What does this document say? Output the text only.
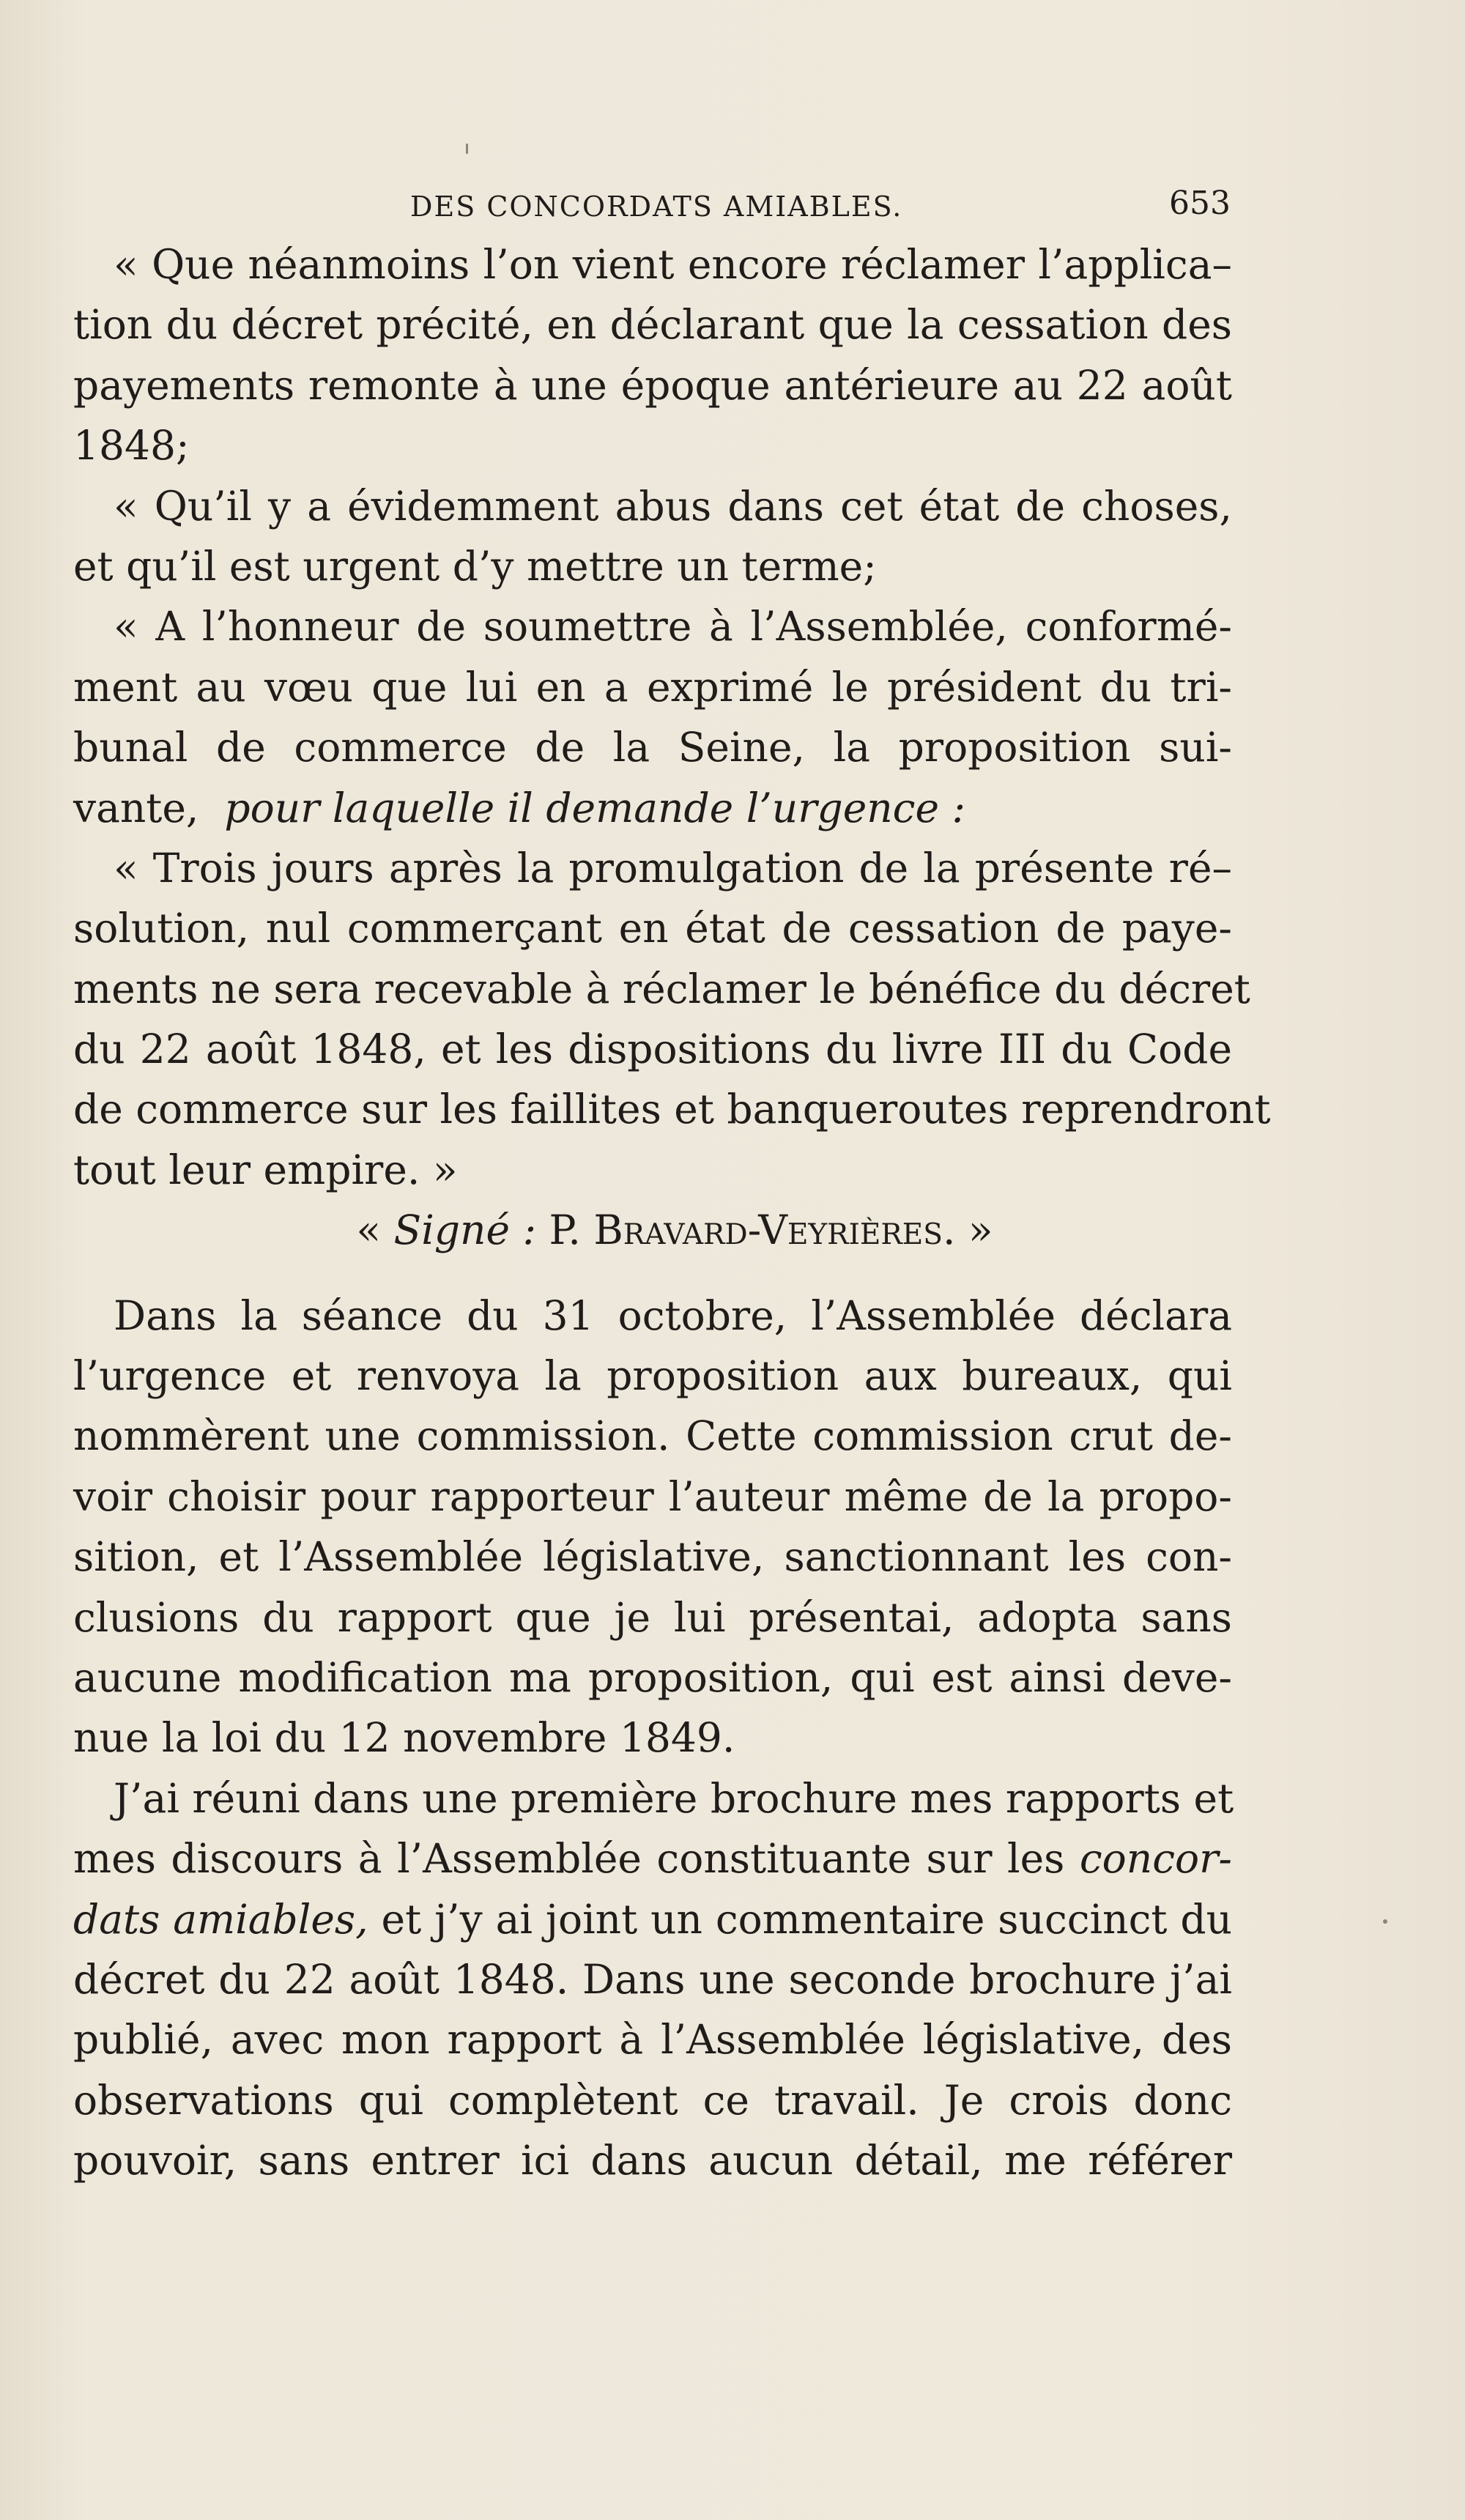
DES CONCORDATS AMIABLES.	653
« Que néanmoins l’on vient encore réclamer l’applica–
tion du décret précité, en déclarant que la cessation des
payements remonte à une époque antérieure au 22 août
1848;
« Qu’il y a évidemment abus dans cet état de choses,
et qu’il est urgent d’y mettre un terme;
« A l’honneur de soumettre à l’Assemblée, conformé-
ment au vœu que lui en a exprimé le président du tri-
bunal de commerce de la Seine, la proposition sui-
vante, pour laquelle il demande l’urgence :
« Trois jours après la promulgation de la présente ré–
solution, nul commerçant en état de cessation de paye-
ments ne sera recevable à réclamer le bénéfice du décret
du 22 août 1848, et les dispositions du livre III du Code
de commerce sur les faillites et banqueroutes reprendront
tout leur empire. »
« Signé : P. Bravard-Veyrières. »
Dans la séance du 31 octobre, l’Assemblée déclara
l’urgence et renvoya la proposition aux bureaux, qui
nommèrent une commission. Cette commission crut de-
voir choisir pour rapporteur l’auteur même de la propo-
sition, et l’Assemblée législative, sanctionnant les con-
clusions du rapport que je lui présentai, adopta sans
aucune modification ma proposition, qui est ainsi deve-
nue la loi du 12 novembre 1849.
J’ai réuni dans une première brochure mes rapports et
mes discours à l’Assemblée constituante sur les concor-
dats amiables, et j’y ai joint un commentaire succinct du
décret du 22 août 1848. Dans une seconde brochure j’ai
publié, avec mon rapport à l’Assemblée législative, des
observations qui complètent ce travail. Je crois donc
pouvoir, sans entrer ici dans aucun détail, me référer
